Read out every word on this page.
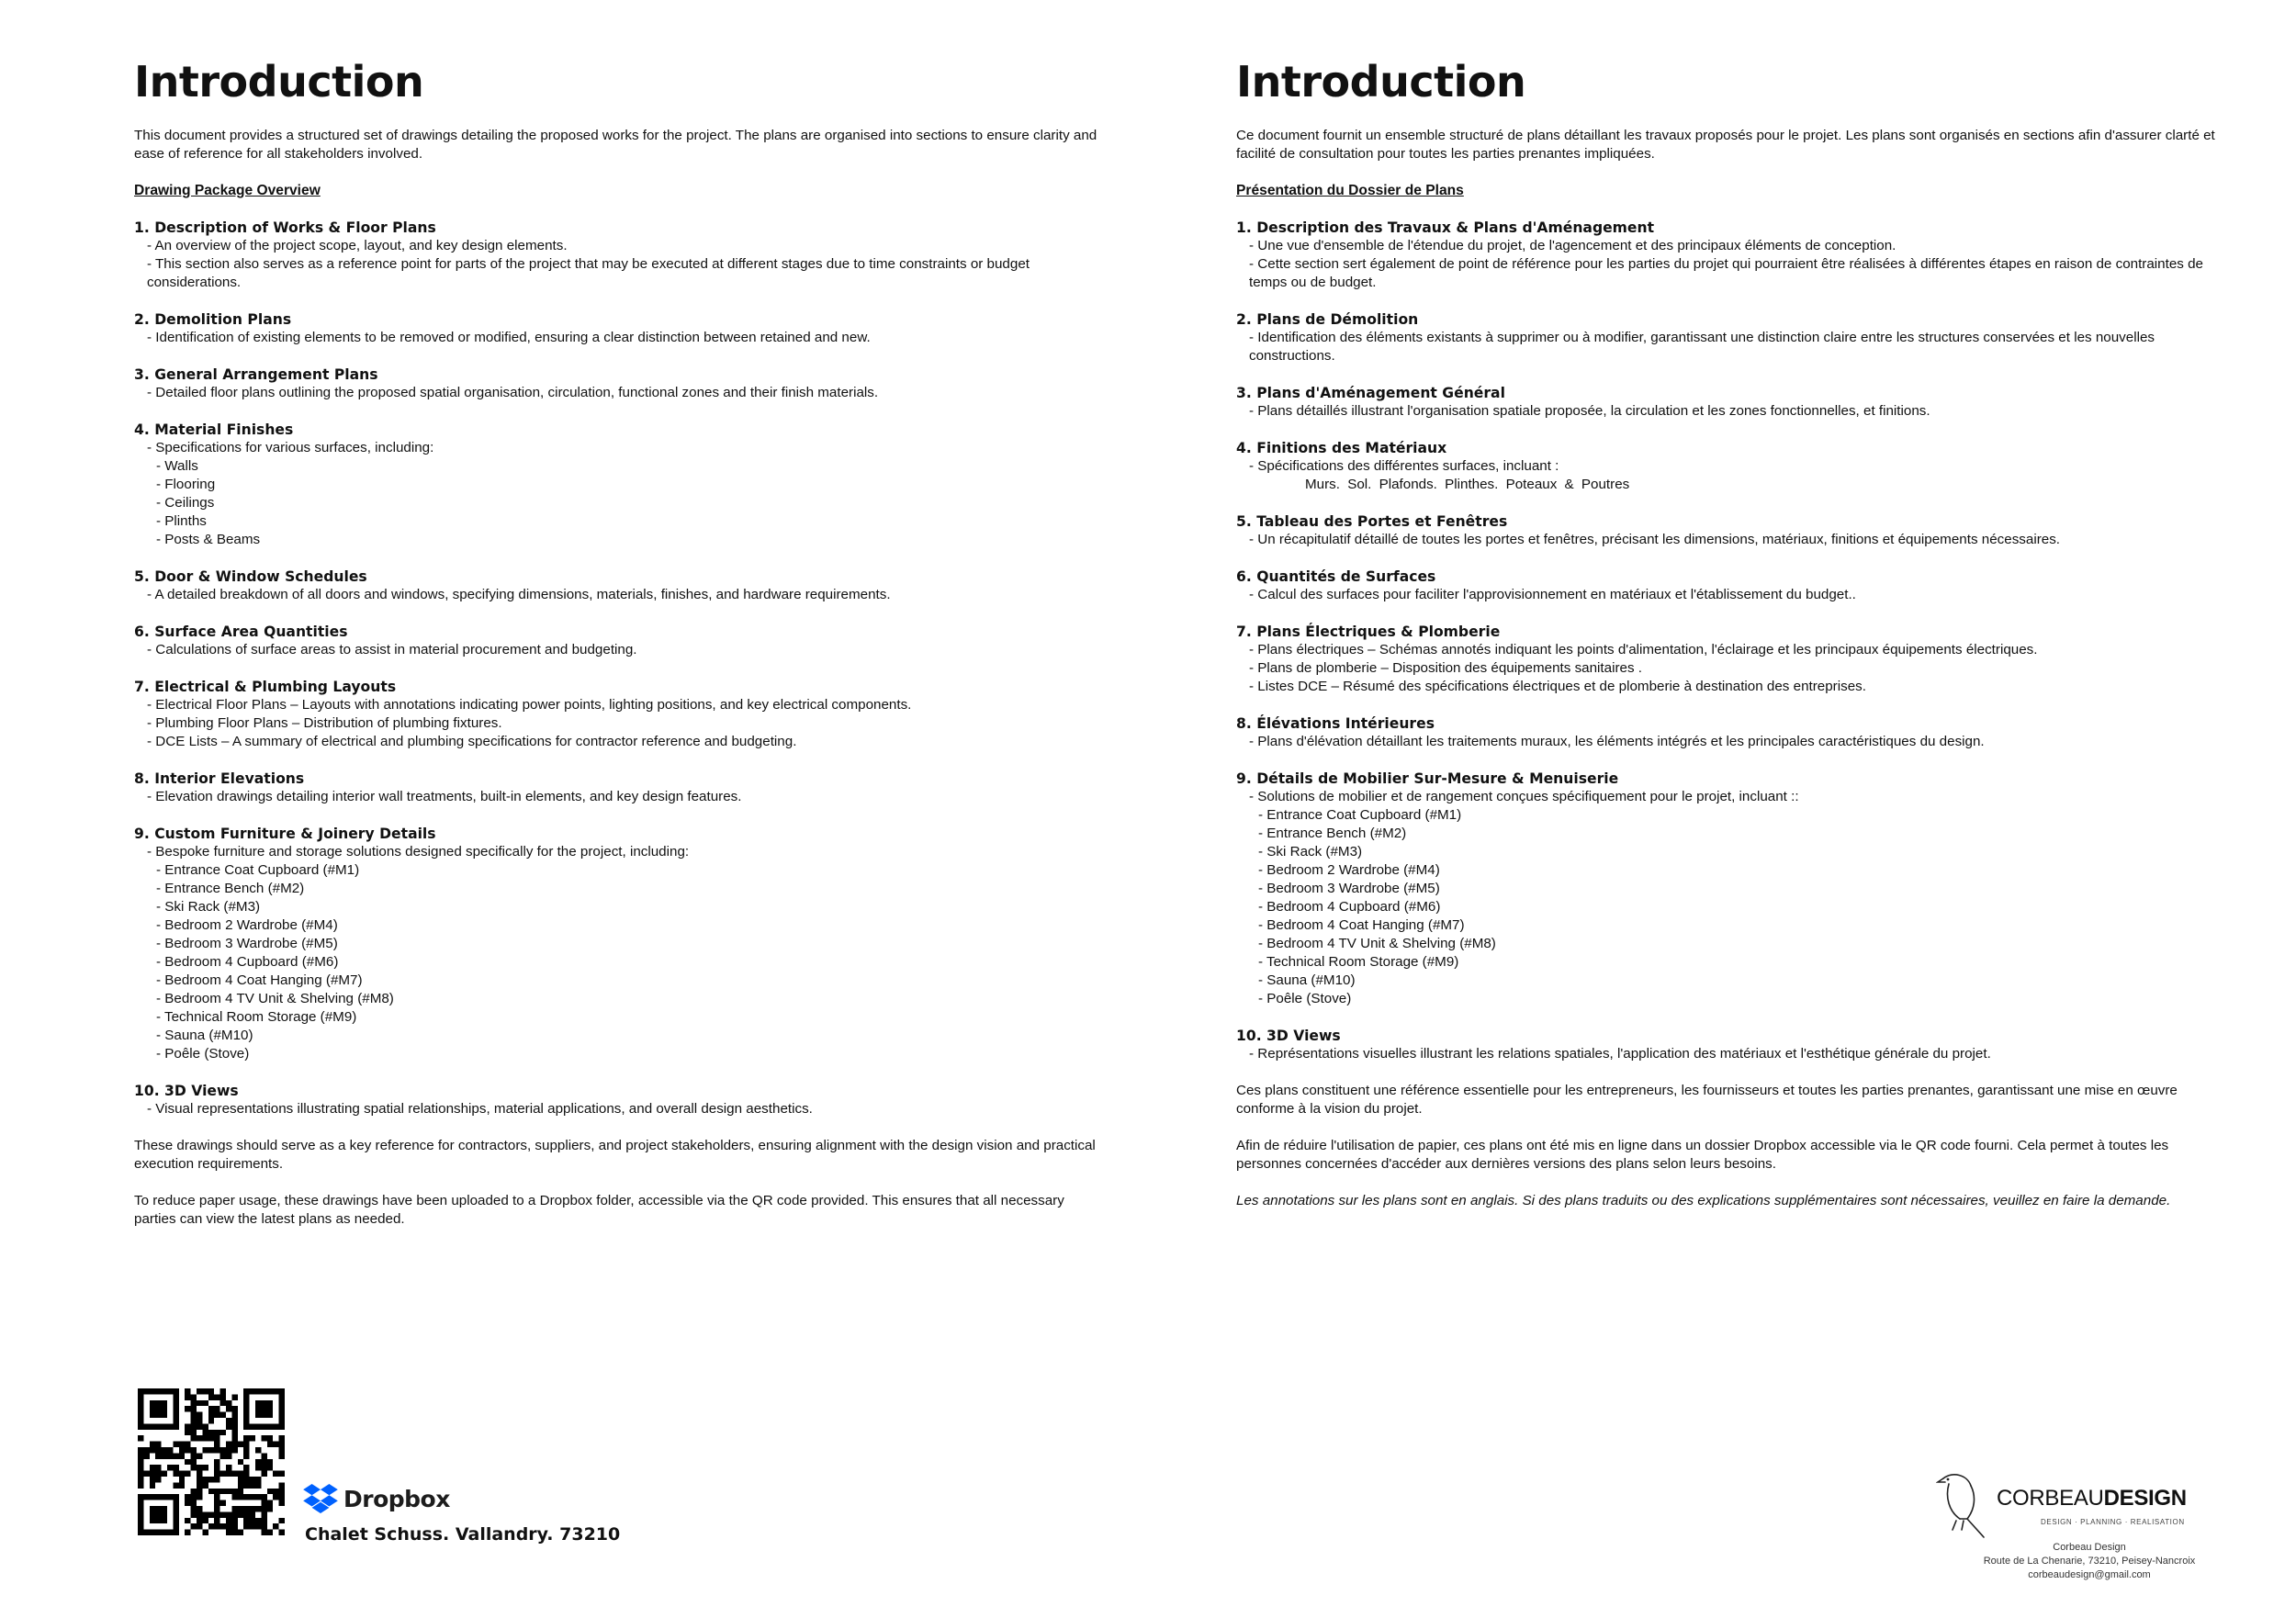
Introduction

This document provides a structured set of drawings detailing the proposed works for the project. The plans are organised into sections to ensure clarity and ease of reference for all stakeholders involved.

Drawing Package Overview
1. Description of Works & Floor Plans
- An overview of the project scope, layout, and key design elements.
- This section also serves as a reference point for parts of the project that may be executed at different stages due to time constraints or budget considerations.
2. Demolition Plans
- Identification of existing elements to be removed or modified, ensuring a clear distinction between retained and new.
3. General Arrangement Plans
- Detailed floor plans outlining the proposed spatial organisation, circulation, functional zones and their finish materials.
4. Material Finishes
- Specifications for various surfaces, including:
- Walls
- Flooring
- Ceilings
- Plinths
- Posts & Beams
5. Door & Window Schedules
- A detailed breakdown of all doors and windows, specifying dimensions, materials, finishes, and hardware requirements.
6. Surface Area Quantities
- Calculations of surface areas to assist in material procurement and budgeting.
7. Electrical & Plumbing Layouts
- Electrical Floor Plans – Layouts with annotations indicating power points, lighting positions, and key electrical components.
- Plumbing Floor Plans – Distribution of plumbing fixtures.
- DCE Lists – A summary of electrical and plumbing specifications for contractor reference and budgeting.
8. Interior Elevations
- Elevation drawings detailing interior wall treatments, built-in elements, and key design features.
9. Custom Furniture & Joinery Details
- Bespoke furniture and storage solutions designed specifically for the project, including:
- Entrance Coat Cupboard (#M1)
- Entrance Bench (#M2)
- Ski Rack (#M3)
- Bedroom 2 Wardrobe (#M4)
- Bedroom 3 Wardrobe (#M5)
- Bedroom 4 Cupboard (#M6)
- Bedroom 4 Coat Hanging (#M7)
- Bedroom 4 TV Unit & Shelving (#M8)
- Technical Room Storage (#M9)
- Sauna (#M10)
- Poêle (Stove)
10. 3D Views
- Visual representations illustrating spatial relationships, material applications, and overall design aesthetics.

These drawings should serve as a key reference for contractors, suppliers, and project stakeholders, ensuring alignment with the design vision and practical execution requirements.

To reduce paper usage, these drawings have been uploaded to a Dropbox folder, accessible via the QR code provided. This ensures that all necessary parties can view the latest plans as needed.

Introduction

Ce document fournit un ensemble structuré de plans détaillant les travaux proposés pour le projet. Les plans sont organisés en sections afin d'assurer clarté et facilité de consultation pour toutes les parties prenantes impliquées.

Présentation du Dossier de Plans
1. Description des Travaux & Plans d'Aménagement
- Une vue d'ensemble de l'étendue du projet, de l'agencement et des principaux éléments de conception.
- Cette section sert également de point de référence pour les parties du projet qui pourraient être réalisées à différentes étapes en raison de contraintes de temps ou de budget.
2. Plans de Démolition
- Identification des éléments existants à supprimer ou à modifier, garantissant une distinction claire entre les structures conservées et les nouvelles constructions.
3. Plans d'Aménagement Général
- Plans détaillés illustrant l'organisation spatiale proposée, la circulation et les zones fonctionnelles, et finitions.
4. Finitions des Matériaux
- Spécifications des différentes surfaces, incluant :
Murs. Sol. Plafonds. Plinthes. Poteaux & Poutres
5. Tableau des Portes et Fenêtres
- Un récapitulatif détaillé de toutes les portes et fenêtres, précisant les dimensions, matériaux, finitions et équipements nécessaires.
6. Quantités de Surfaces
- Calcul des surfaces pour faciliter l'approvisionnement en matériaux et l'établissement du budget..
7. Plans Électriques & Plomberie
- Plans électriques – Schémas annotés indiquant les points d'alimentation, l'éclairage et les principaux équipements électriques.
- Plans de plomberie – Disposition des équipements sanitaires .
- Listes DCE – Résumé des spécifications électriques et de plomberie à destination des entreprises.
8. Élévations Intérieures
- Plans d'élévation détaillant les traitements muraux, les éléments intégrés et les principales caractéristiques du design.
9. Détails de Mobilier Sur-Mesure & Menuiserie
- Solutions de mobilier et de rangement conçues spécifiquement pour le projet, incluant ::
- Entrance Coat Cupboard (#M1)
- Entrance Bench (#M2)
- Ski Rack (#M3)
- Bedroom 2 Wardrobe (#M4)
- Bedroom 3 Wardrobe (#M5)
- Bedroom 4 Cupboard (#M6)
- Bedroom 4 Coat Hanging (#M7)
- Bedroom 4 TV Unit & Shelving (#M8)
- Technical Room Storage (#M9)
- Sauna (#M10)
- Poêle (Stove)
10. 3D Views
- Représentations visuelles illustrant les relations spatiales, l'application des matériaux et l'esthétique générale du projet.

Ces plans constituent une référence essentielle pour les entrepreneurs, les fournisseurs et toutes les parties prenantes, garantissant une mise en œuvre conforme à la vision du projet.

Afin de réduire l'utilisation de papier, ces plans ont été mis en ligne dans un dossier Dropbox accessible via le QR code fourni. Cela permet à toutes les personnes concernées d'accéder aux dernières versions des plans selon leurs besoins.

Les annotations sur les plans sont en anglais. Si des plans traduits ou des explications supplémentaires sont nécessaires, veuillez en faire la demande.

Dropbox
Chalet Schuss. Vallandry. 73210
CORBEAUDESIGN
DESIGN · PLANNING · REALISATION
Corbeau Design
Route de La Chenarie, 73210, Peisey-Nancroix
corbeaudesign@gmail.com
